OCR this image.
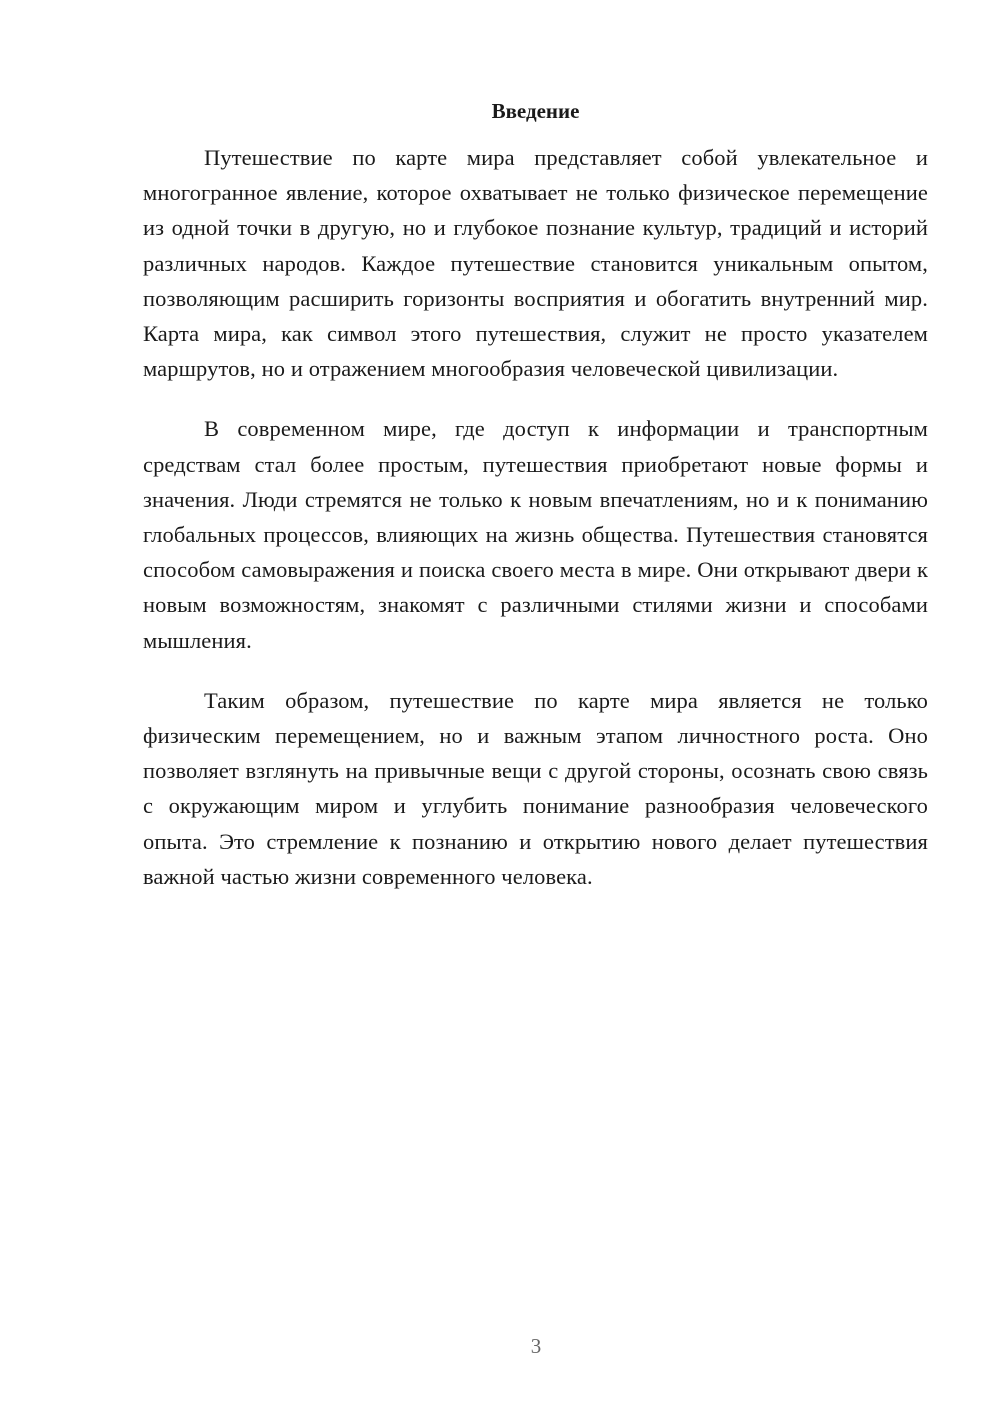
Введение

Путешествие по карте мира представляет собой увлекательное и многогранное явление, которое охватывает не только физическое перемещение из одной точки в другую, но и глубокое познание культур, традиций и историй различных народов. Каждое путешествие становится уникальным опытом, позволяющим расширить горизонты восприятия и обогатить внутренний мир. Карта мира, как символ этого путешествия, служит не просто указателем маршрутов, но и отражением многообразия человеческой цивилизации.

В современном мире, где доступ к информации и транспортным средствам стал более простым, путешествия приобретают новые формы и значения. Люди стремятся не только к новым впечатлениям, но и к пониманию глобальных процессов, влияющих на жизнь общества. Путешествия становятся способом самовыражения и поиска своего места в мире. Они открывают двери к новым возможностям, знакомят с различными стилями жизни и способами мышления.

Таким образом, путешествие по карте мира является не только физическим перемещением, но и важным этапом личностного роста. Оно позволяет взглянуть на привычные вещи с другой стороны, осознать свою связь с окружающим миром и углубить понимание разнообразия человеческого опыта. Это стремление к познанию и открытию нового делает путешествия важной частью жизни современного человека.

3
